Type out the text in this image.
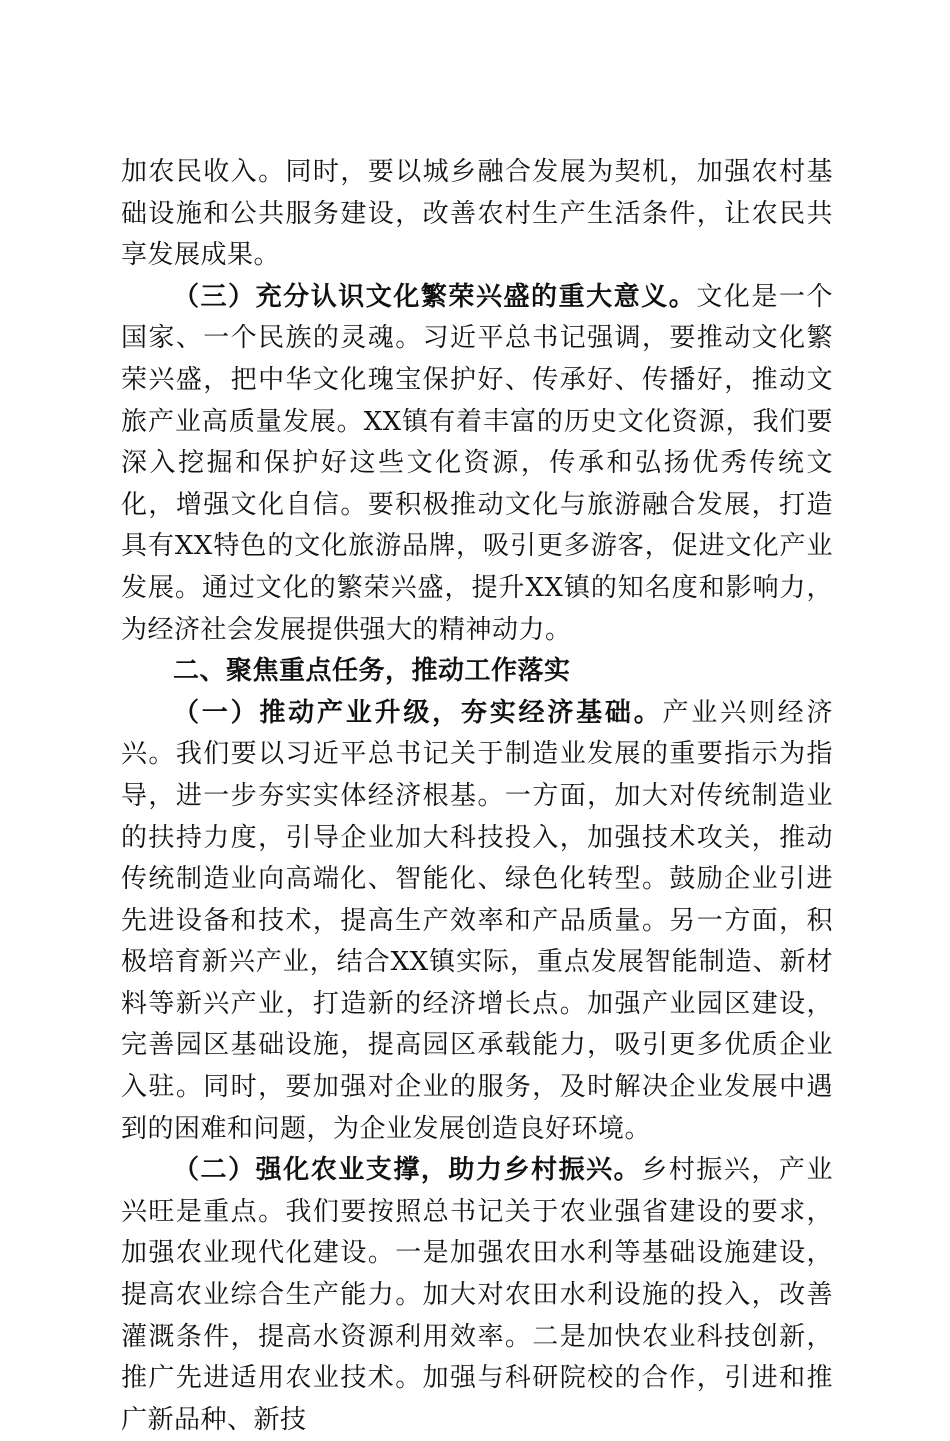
加农民收入。同时，要以城乡融合发展为契机，加强农村基础设施和公共服务建设，改善农村生产生活条件，让农民共享发展成果。

（三）充分认识文化繁荣兴盛的重大意义。文化是一个国家、一个民族的灵魂。习近平总书记强调，要推动文化繁荣兴盛，把中华文化瑰宝保护好、传承好、传播好，推动文旅产业高质量发展。XX镇有着丰富的历史文化资源，我们要深入挖掘和保护好这些文化资源，传承和弘扬优秀传统文化，增强文化自信。要积极推动文化与旅游融合发展，打造具有XX特色的文化旅游品牌，吸引更多游客，促进文化产业发展。通过文化的繁荣兴盛，提升XX镇的知名度和影响力，为经济社会发展提供强大的精神动力。

二、聚焦重点任务，推动工作落实

（一）推动产业升级，夯实经济基础。产业兴则经济兴。我们要以习近平总书记关于制造业发展的重要指示为指导，进一步夯实实体经济根基。一方面，加大对传统制造业的扶持力度，引导企业加大科技投入，加强技术攻关，推动传统制造业向高端化、智能化、绿色化转型。鼓励企业引进先进设备和技术，提高生产效率和产品质量。另一方面，积极培育新兴产业，结合XX镇实际，重点发展智能制造、新材料等新兴产业，打造新的经济增长点。加强产业园区建设，完善园区基础设施，提高园区承载能力，吸引更多优质企业入驻。同时，要加强对企业的服务，及时解决企业发展中遇到的困难和问题，为企业发展创造良好环境。

（二）强化农业支撑，助力乡村振兴。乡村振兴，产业兴旺是重点。我们要按照总书记关于农业强省建设的要求，加强农业现代化建设。一是加强农田水利等基础设施建设，提高农业综合生产能力。加大对农田水利设施的投入，改善灌溉条件，提高水资源利用效率。二是加快农业科技创新，推广先进适用农业技术。加强与科研院校的合作，引进和推广新品种、新技
